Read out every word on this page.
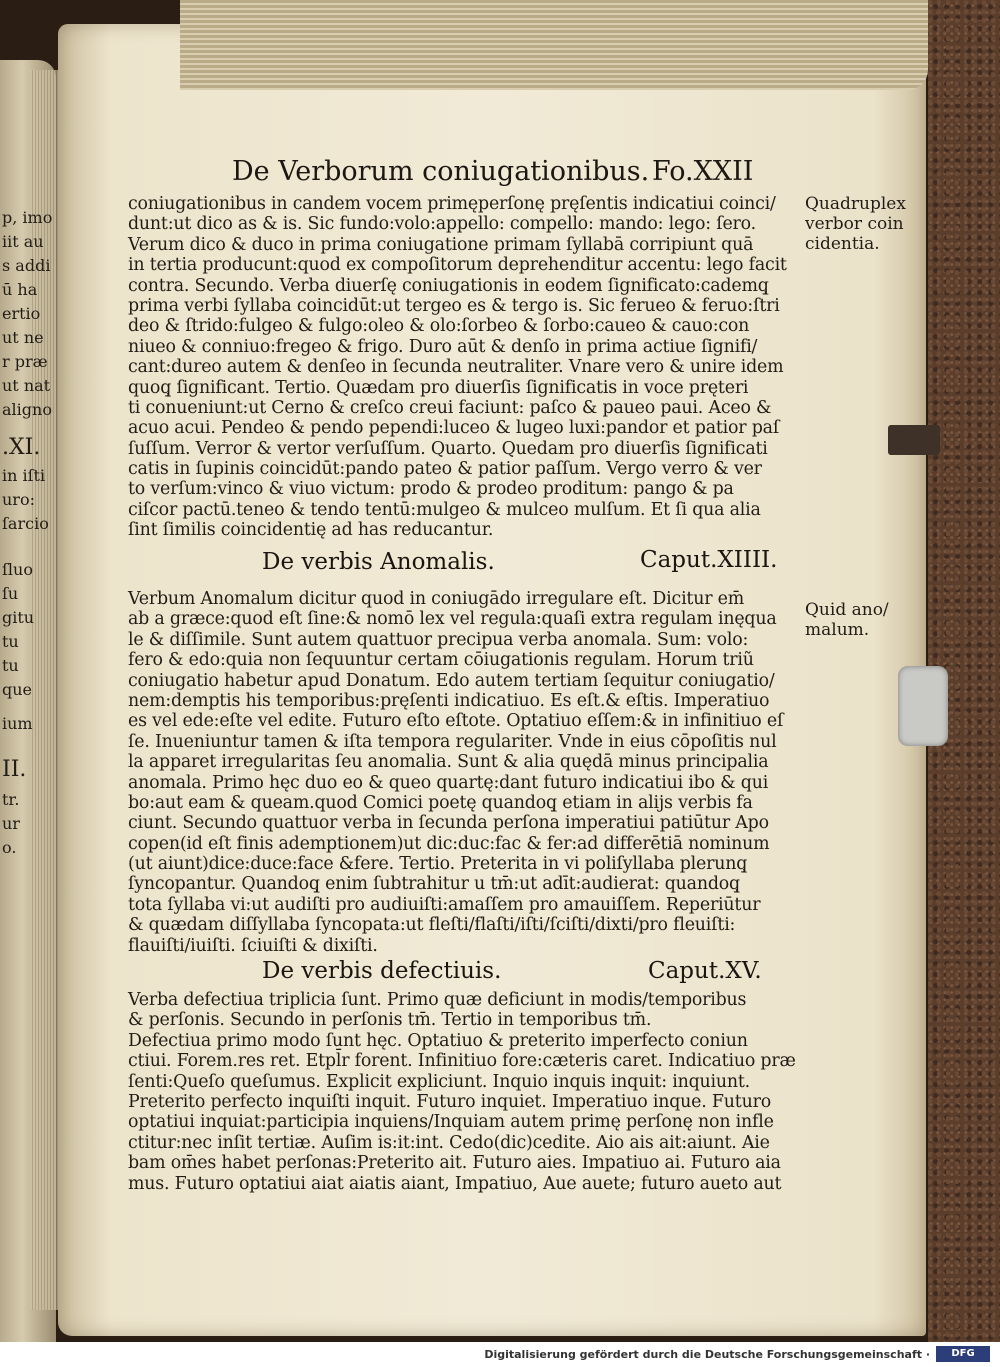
De Verborum coniugationibus. Fo.XXII
coniugationibus in candem vocem primęperſonę pręſentis indicatiui coinci/
dunt:ut dico as & is. Sic fundo:volo:appello: compello: mando: lego: ſero.
Verum dico & duco in prima coniugatione primam ſyllabā corripiunt quā
in tertia producunt:quod ex compoſitorum deprehenditur accentu: lego facit
contra. Secundo. Verba diuerſę coniugationis in eodem ſignificato:cademq̧
prima verbi ſyllaba coincidūt:ut tergeo es & tergo is. Sic ferueo & feruo:ſtri
deo & ſtrido:fulgeo & fulgo:oleo & olo:ſorbeo & ſorbo:caueo & cauo:con
niueo & conniuo:fregeo & frigo. Duro aūt & denſo in prima actiue ſignifi/
cant:dureo autem & denſeo in ſecunda neutraliter. Vnare vero & unire idem
quoq̧ ſignificant. Tertio. Quædam pro diuerſis ſignificatis in voce pręteri
ti conueniunt:ut Cerno & creſco creui faciunt: paſco & paueo paui. Aceo &
acuo acui. Pendeo & pendo pependi:luceo & lugeo luxi:pandor et patior paſ
ſuſſum. Verror & vertor verſuſſum. Quarto. Quedam pro diuerſis ſignificati
catis in ſupinis coincidūt:pando pateo & patior paſſum. Vergo verro & ver
to verſum:vinco & viuo victum: prodo & prodeo proditum: pango & pa
ciſcor pactū.teneo & tendo tentū:mulgeo & mulceo mulſum. Et ſi qua alia
ſint ſimilis coincidentię ad has reducantur.
De verbis Anomalis.	Caput.XIIII.
Verbum Anomalum dicitur quod in coniugādo irregulare eſt. Dicitur em̄
ab a græce:quod eſt ſine:& nomō lex vel regula:quaſi extra regulam inęqua
le & diſſimile. Sunt autem quattuor precipua verba anomala. Sum: volo:
fero & edo:quia non ſequuntur certam cōiugationis regulam. Horum triũ
coniugatio habetur apud Donatum. Edo autem tertiam ſequitur coniugatio/
nem:demptis his temporibus:pręſenti indicatiuo. Es eſt.& eſtis. Imperatiuo
es vel ede:eſte vel edite. Futuro eſto eſtote. Optatiuo eſſem:& in infinitiuo eſ
ſe. Inueniuntur tamen & iſta tempora regulariter. Vnde in eius cōpoſitis nul
la apparet irregularitas ſeu anomalia. Sunt & alia quędā minus principalia
anomala. Primo hęc duo eo & queo quartę:dant futuro indicatiui ibo & qui
bo:aut eam & queam.quod Comici poetę quandoq̧ etiam in alijs verbis fa
ciunt. Secundo quattuor verba in ſecunda perſona imperatiui patiūtur Apo
copen(id eſt finis ademptionem)ut dic:duc:fac & fer:ad differētiā nominum
(ut aiunt)dice:duce:face &fere. Tertio. Preterita in vi poliſyllaba plerunq̧
ſyncopantur. Quandoq̧ enim ſubtrahitur u tm̄:ut adīt:audierat: quandoq̧
tota ſyllaba vi:ut audiſti pro audiuiſti:amaſſem pro amauiſſem. Reperiūtur
& quædam diſſyllaba ſyncopata:ut fleſti/flaſti/iſti/ſciſti/dixti/pro fleuiſti:
flauiſti/iuiſti. ſciuiſti & dixiſti.
De verbis defectiuis.	Caput.XV.
Verba defectiua triplicia ſunt. Primo quæ deficiunt in modis/temporibus
& perſonis. Secundo in perſonis tm̄. Tertio in temporibus tm̄.
Defectiua primo modo ſunt hęc. Optatiuo & preterito imperfecto coniun
ctiui. Forem.res ret. Etpl̄r forent. Infinitiuo fore:cæteris caret. Indicatiuo præ
ſenti:Queſo queſumus. Explicit expliciunt. Inquio inquis inquit: inquiunt.
Preterito perfecto inquiſti inquit. Futuro inquiet. Imperatiuo inque. Futuro
optatiui inquiat:participia inquiens/Inquiam autem primę perſonę non infle
ctitur:nec inſit tertiæ. Auſim is:it:int. Cedo(dic)cedite. Aio ais ait:aiunt. Aie
bam om̄es habet perſonas:Preterito ait. Futuro aies. Impatiuo ai. Futuro aia
mus. Futuro optatiui aiat aiatis aiant, Impatiuo, Aue auete; futuro aueto aut
Quadruplex
verbor coin
cidentia.
Quid ano/
malum.
p, imo
iit au
s addi
ū ha
ertio
ut ne
r præ
ut nat
aligno
.XI.
in iſti
uro:
ſarcio
ſluo
ſu
gitu
tu
tu
que
ium
II.
tr.
ur
o.
Digitalisierung gefördert durch die Deutsche Forschungsgemeinschaft ·	DFG
